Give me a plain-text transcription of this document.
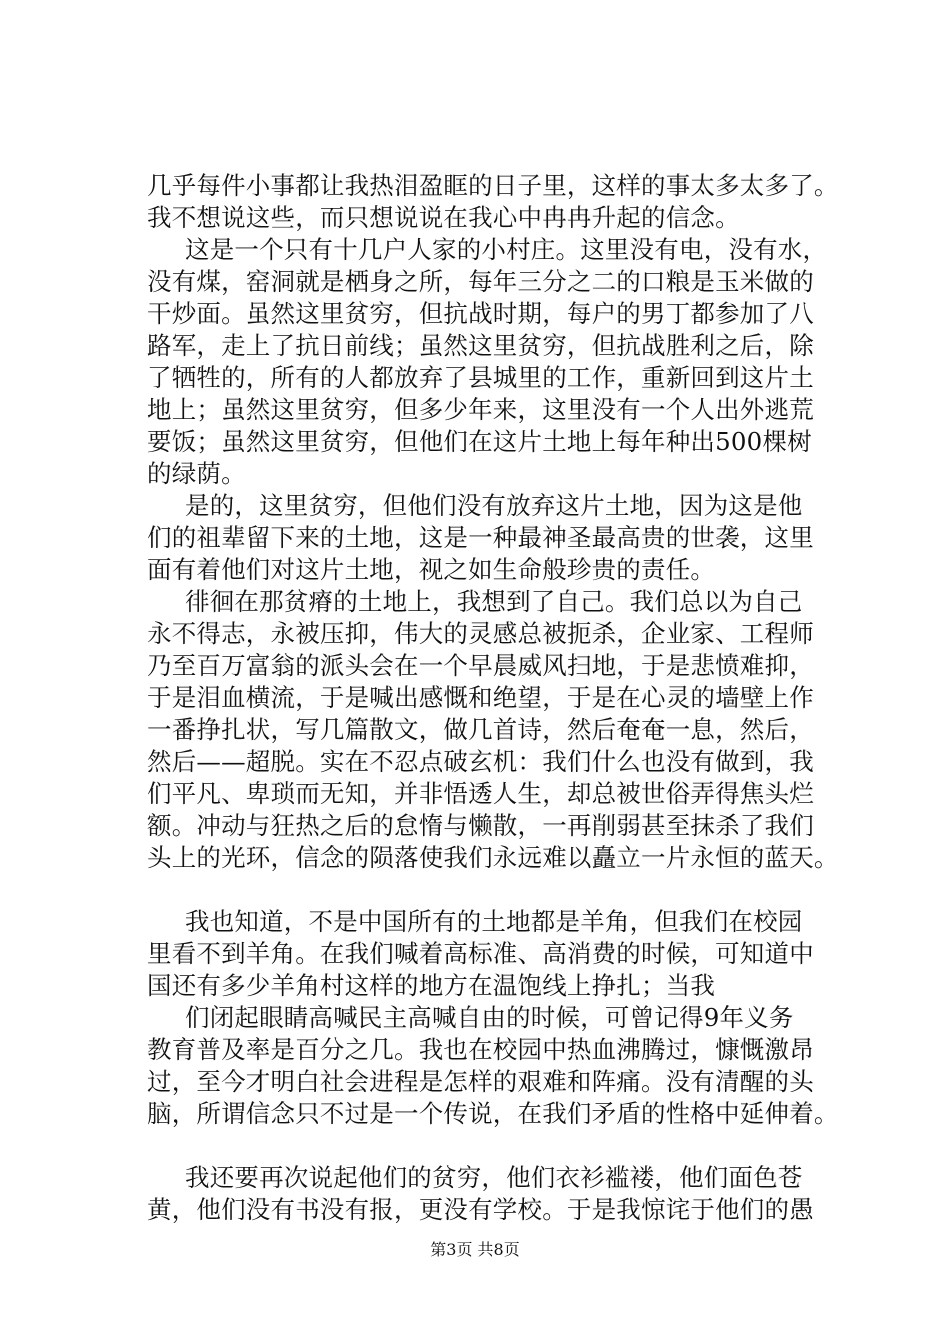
几乎每件小事都让我热泪盈眶的日子里，这样的事太多太多了。
我不想说这些，而只想说说在我心中冉冉升起的信念。
这是一个只有十几户人家的小村庄。这里没有电，没有水，
没有煤，窑洞就是栖身之所，每年三分之二的口粮是玉米做的
干炒面。虽然这里贫穷，但抗战时期，每户的男丁都参加了八
路军，走上了抗日前线；虽然这里贫穷，但抗战胜利之后，除
了牺牲的，所有的人都放弃了县城里的工作，重新回到这片土
地上；虽然这里贫穷，但多少年来，这里没有一个人出外逃荒
要饭；虽然这里贫穷，但他们在这片土地上每年种出500棵树
的绿荫。
是的，这里贫穷，但他们没有放弃这片土地，因为这是他
们的祖辈留下来的土地，这是一种最神圣最高贵的世袭，这里
面有着他们对这片土地，视之如生命般珍贵的责任。
徘徊在那贫瘠的土地上，我想到了自己。我们总以为自己
永不得志，永被压抑，伟大的灵感总被扼杀，企业家、工程师
乃至百万富翁的派头会在一个早晨威风扫地，于是悲愤难抑，
于是泪血横流，于是喊出感慨和绝望，于是在心灵的墙壁上作
一番挣扎状，写几篇散文，做几首诗，然后奄奄一息，然后，
然后——超脱。实在不忍点破玄机：我们什么也没有做到，我
们平凡、卑琐而无知，并非悟透人生，却总被世俗弄得焦头烂
额。冲动与狂热之后的怠惰与懒散，一再削弱甚至抹杀了我们
头上的光环，信念的陨落使我们永远难以矗立一片永恒的蓝天。
我也知道，不是中国所有的土地都是羊角，但我们在校园
里看不到羊角。在我们喊着高标准、高消费的时候，可知道中
国还有多少羊角村这样的地方在温饱线上挣扎；当我
们闭起眼睛高喊民主高喊自由的时候，可曾记得9年义务
教育普及率是百分之几。我也在校园中热血沸腾过，慷慨激昂
过，至今才明白社会进程是怎样的艰难和阵痛。没有清醒的头
脑，所谓信念只不过是一个传说，在我们矛盾的性格中延伸着。
我还要再次说起他们的贫穷，他们衣衫褴褛，他们面色苍
黄，他们没有书没有报，更没有学校。于是我惊诧于他们的愚
第3页 共8页
